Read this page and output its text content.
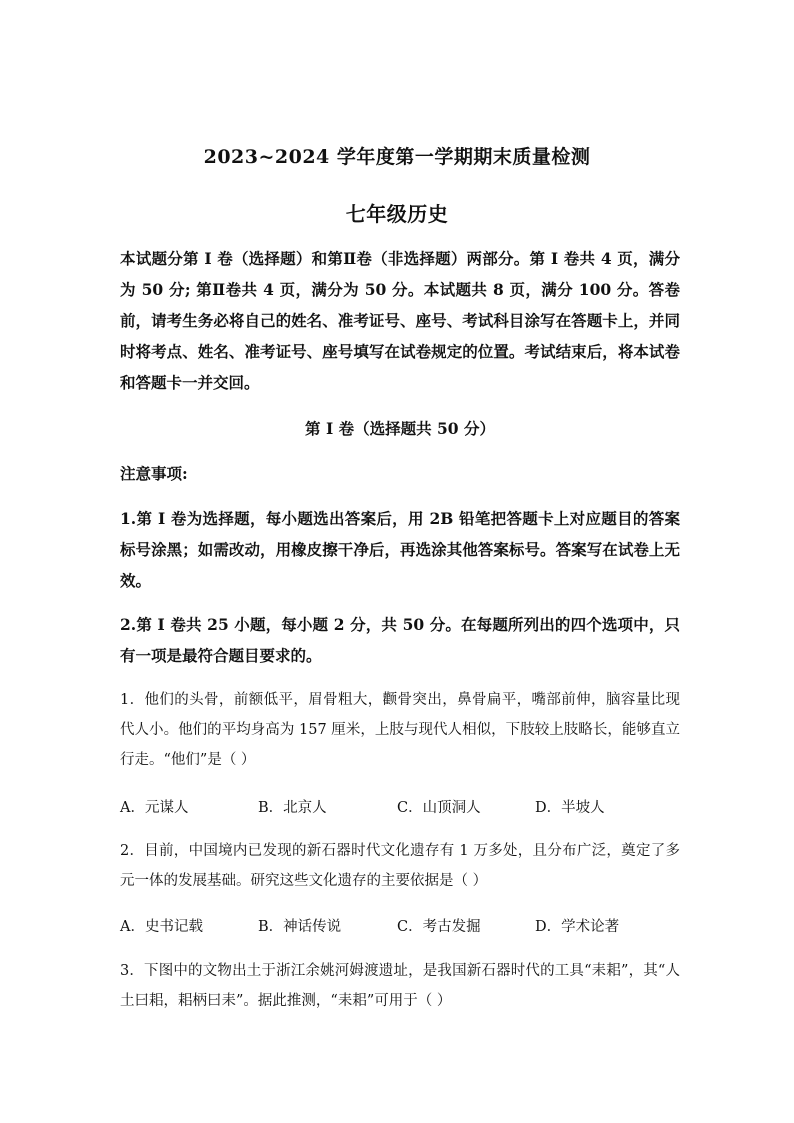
2023~2024 学年度第一学期期末质量检测
七年级历史
本试题分第 I 卷（选择题）和第Ⅱ卷（非选择题）两部分。第 I 卷共 4 页，满分为 50 分; 第Ⅱ卷共 4 页，满分为 50 分。本试题共 8 页，满分 100 分。答卷前，请考生务必将自己的姓名、准考证号、座号、考试科目涂写在答题卡上，并同时将考点、姓名、准考证号、座号填写在试卷规定的位置。考试结束后，将本试卷和答题卡一并交回。
第 I 卷（选择题共 50 分）
注意事项:
1.第 I 卷为选择题，每小题选出答案后，用 2B 铅笔把答题卡上对应题目的答案标号涂黑；如需改动，用橡皮擦干净后，再选涂其他答案标号。答案写在试卷上无效。
2.第 I 卷共 25 小题，每小题 2 分，共 50 分。在每题所列出的四个选项中，只有一项是最符合题目要求的。
1．他们的头骨，前额低平，眉骨粗大，颧骨突出，鼻骨扁平，嘴部前伸，脑容量比现代人小。他们的平均身高为 157 厘米，上肢与现代人相似，下肢较上肢略长，能够直立行走。“他们”是（ ）
A．元谋人	B．北京人	C．山顶洞人	D．半坡人
2．目前，中国境内已发现的新石器时代文化遗存有 1 万多处，且分布广泛，奠定了多元一体的发展基础。研究这些文化遗存的主要依据是（ ）
A．史书记载	B．神话传说	C．考古发掘	D．学术论著
3．下图中的文物出土于浙江余姚河姆渡遗址，是我国新石器时代的工具“耒耜”，其“人土曰耜，耜柄曰耒”。据此推测，“耒耜”可用于（ ）
